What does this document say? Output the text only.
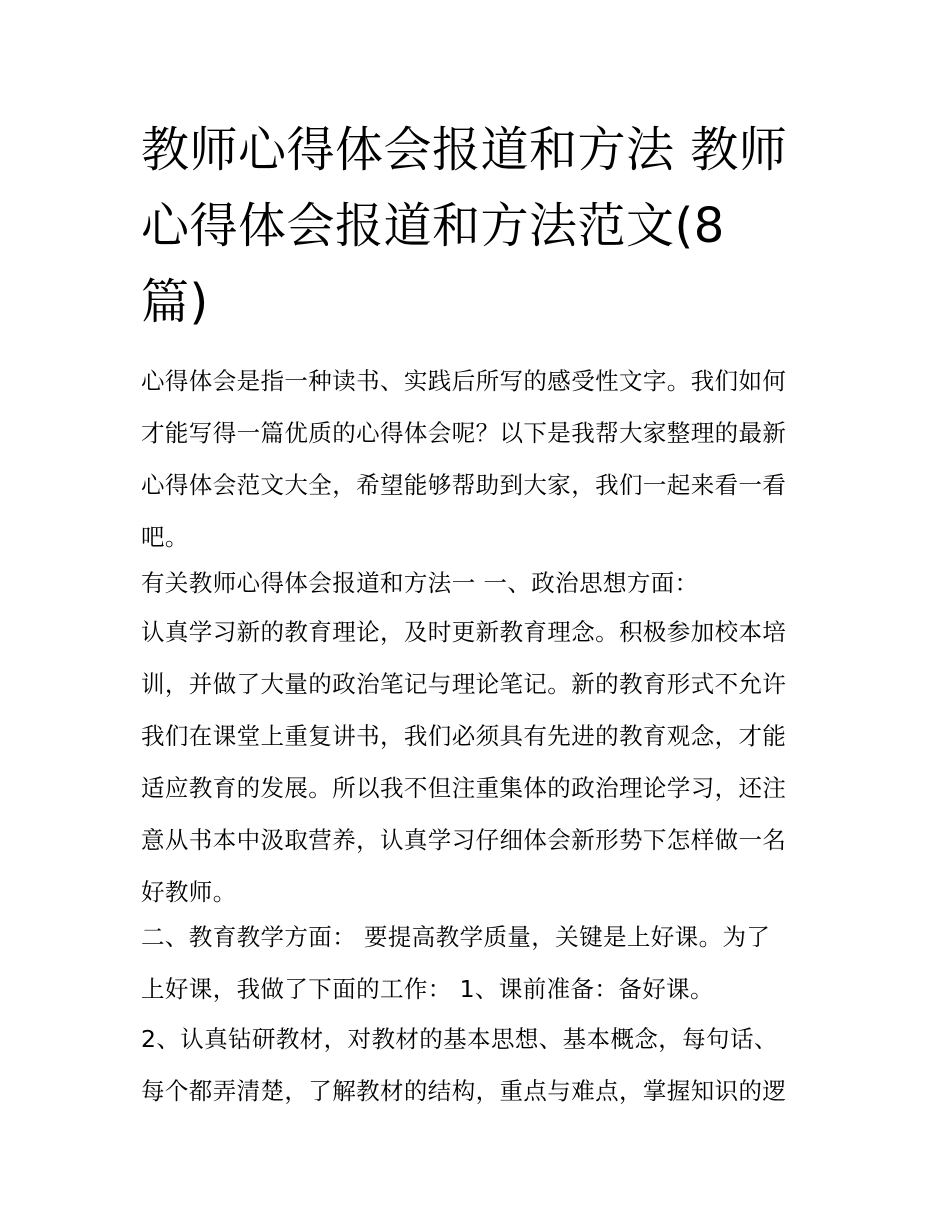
教师心得体会报道和方法 教师
心得体会报道和方法范文(8
篇)

心得体会是指一种读书、实践后所写的感受性文字。我们如何
才能写得一篇优质的心得体会呢？以下是我帮大家整理的最新
心得体会范文大全，希望能够帮助到大家，我们一起来看一看
吧。

有关教师心得体会报道和方法一 一、政治思想方面：

认真学习新的教育理论，及时更新教育理念。积极参加校本培
训，并做了大量的政治笔记与理论笔记。新的教育形式不允许
我们在课堂上重复讲书，我们必须具有先进的教育观念，才能
适应教育的发展。所以我不但注重集体的政治理论学习，还注
意从书本中汲取营养，认真学习仔细体会新形势下怎样做一名
好教师。

二、教育教学方面： 要提高教学质量，关键是上好课。为了
上好课，我做了下面的工作： 1、课前准备：备好课。

2、认真钻研教材，对教材的基本思想、基本概念，每句话、
每个都弄清楚，了解教材的结构，重点与难点，掌握知识的逻
